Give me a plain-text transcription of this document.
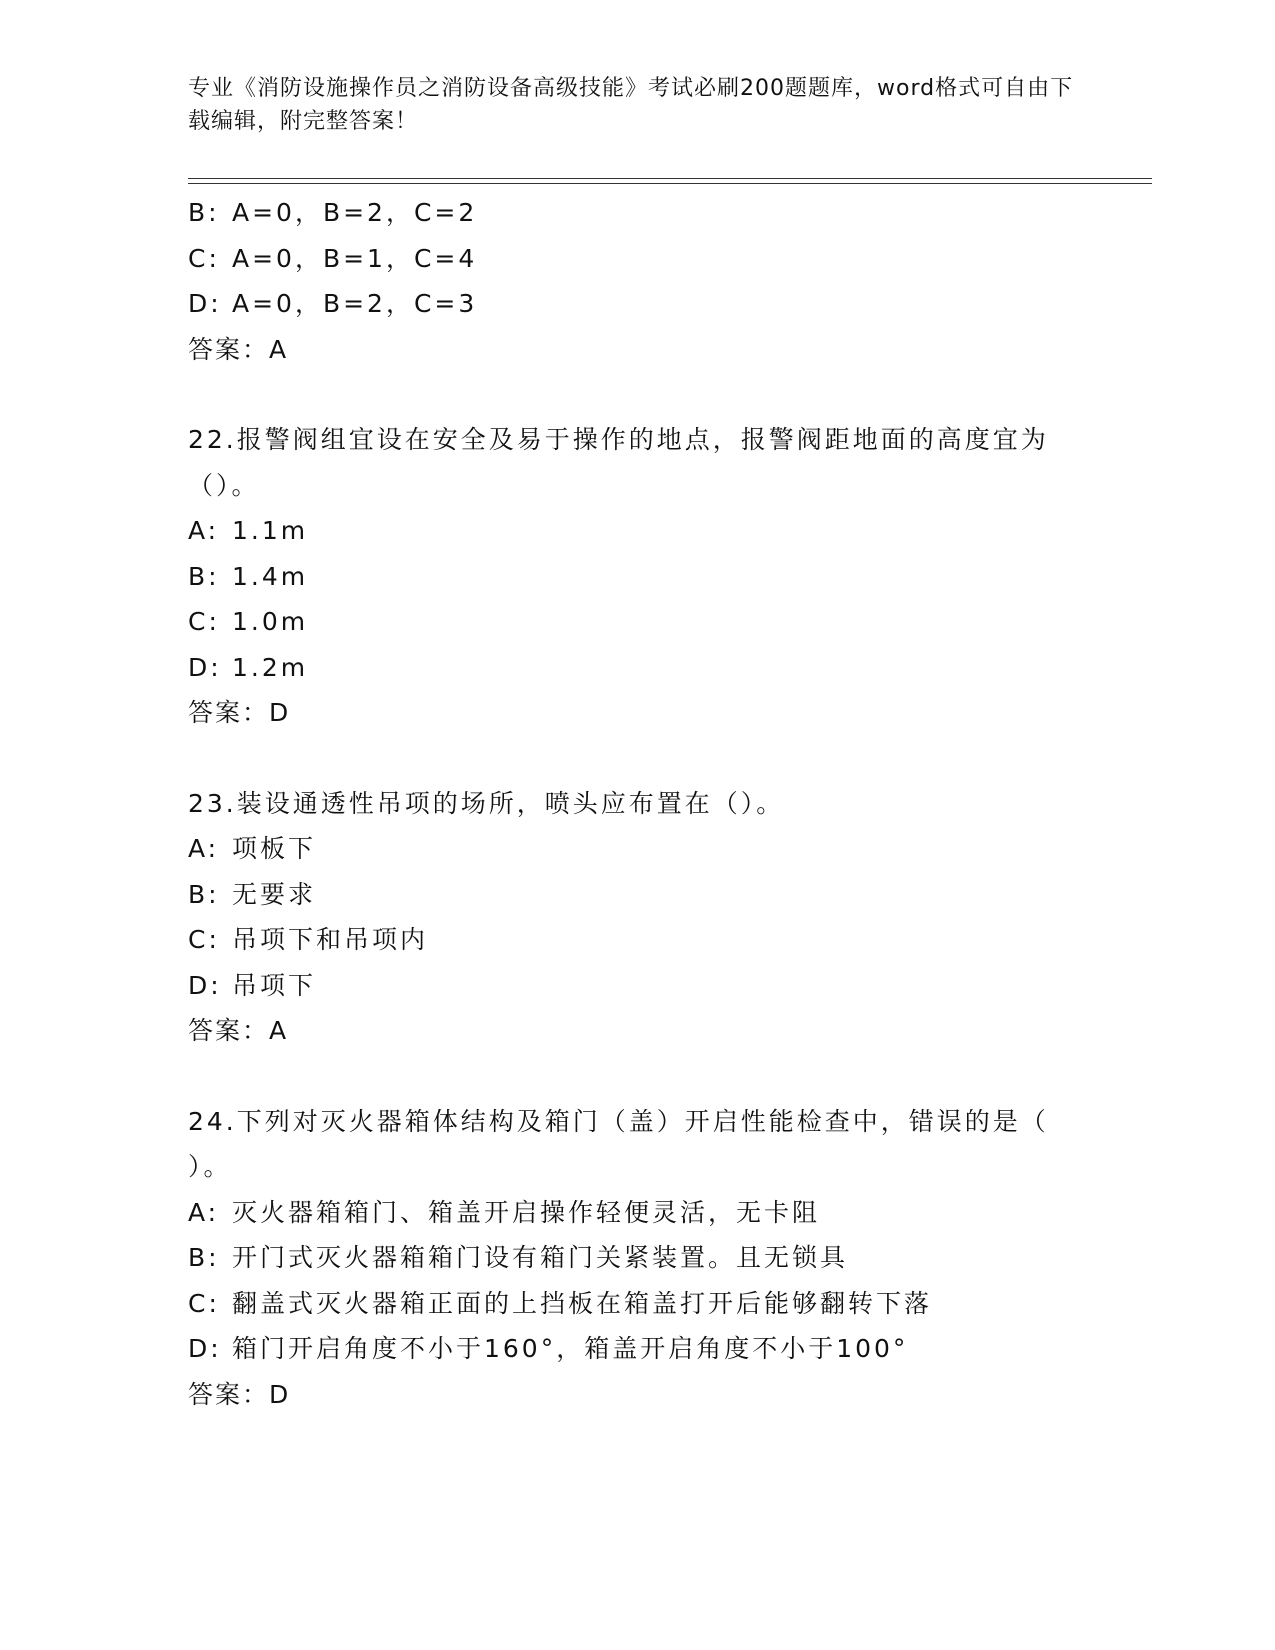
专业《消防设施操作员之消防设备高级技能》考试必刷200题题库，word格式可自由下载编辑，附完整答案！
B: A=0，B=2，C=2
C: A=0，B=1，C=4
D: A=0，B=2，C=3
答案：A
22.报警阀组宜设在安全及易于操作的地点，报警阀距地面的高度宜为
（）。
A: 1.1m
B: 1.4m
C: 1.0m
D: 1.2m
答案：D
23.装设通透性吊项的场所，喷头应布置在（）。
A: 项板下
B: 无要求
C: 吊项下和吊项内
D: 吊项下
答案：A
24.下列对灭火器箱体结构及箱门（盖）开启性能检查中，错误的是（
）。
A: 灭火器箱箱门、箱盖开启操作轻便灵活，无卡阻
B: 开门式灭火器箱箱门设有箱门关紧装置。且无锁具
C: 翻盖式灭火器箱正面的上挡板在箱盖打开后能够翻转下落
D: 箱门开启角度不小于160°，箱盖开启角度不小于100°
答案：D
